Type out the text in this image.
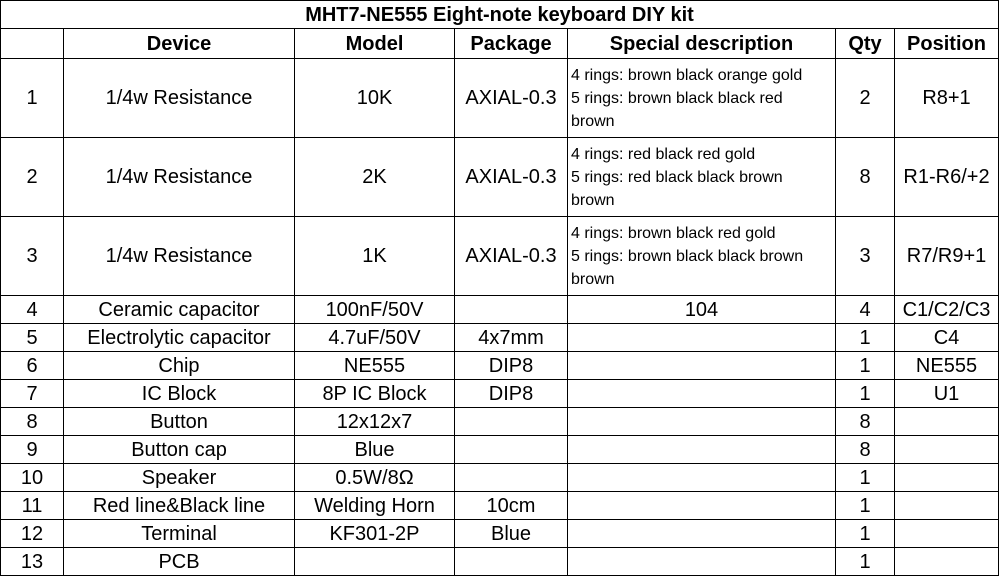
MHT7-NE555 Eight-note keyboard DIY kit						
	Device	Model	Package	Special description	Qty	Position
1	1/4w Resistance	10K	AXIAL-0.3	4 rings: brown black orange gold
5 rings: brown black black red
brown	2	R8+1
2	1/4w Resistance	2K	AXIAL-0.3	4 rings: red black red gold
5 rings: red black black brown
brown	8	R1-R6/+2
3	1/4w Resistance	1K	AXIAL-0.3	4 rings: brown black red gold
5 rings: brown black black brown
brown	3	R7/R9+1
4	Ceramic capacitor	100nF/50V		104	4	C1/C2/C3
5	Electrolytic capacitor	4.7uF/50V	4x7mm		1	C4
6	Chip	NE555	DIP8		1	NE555
7	IC Block	8P IC Block	DIP8		1	U1
8	Button	12x12x7			8	
9	Button cap	Blue			8	
10	Speaker	0.5W/8Ω			1	
11	Red line&Black line	Welding Horn	10cm		1	
12	Terminal	KF301-2P	Blue		1	
13	PCB				1	
